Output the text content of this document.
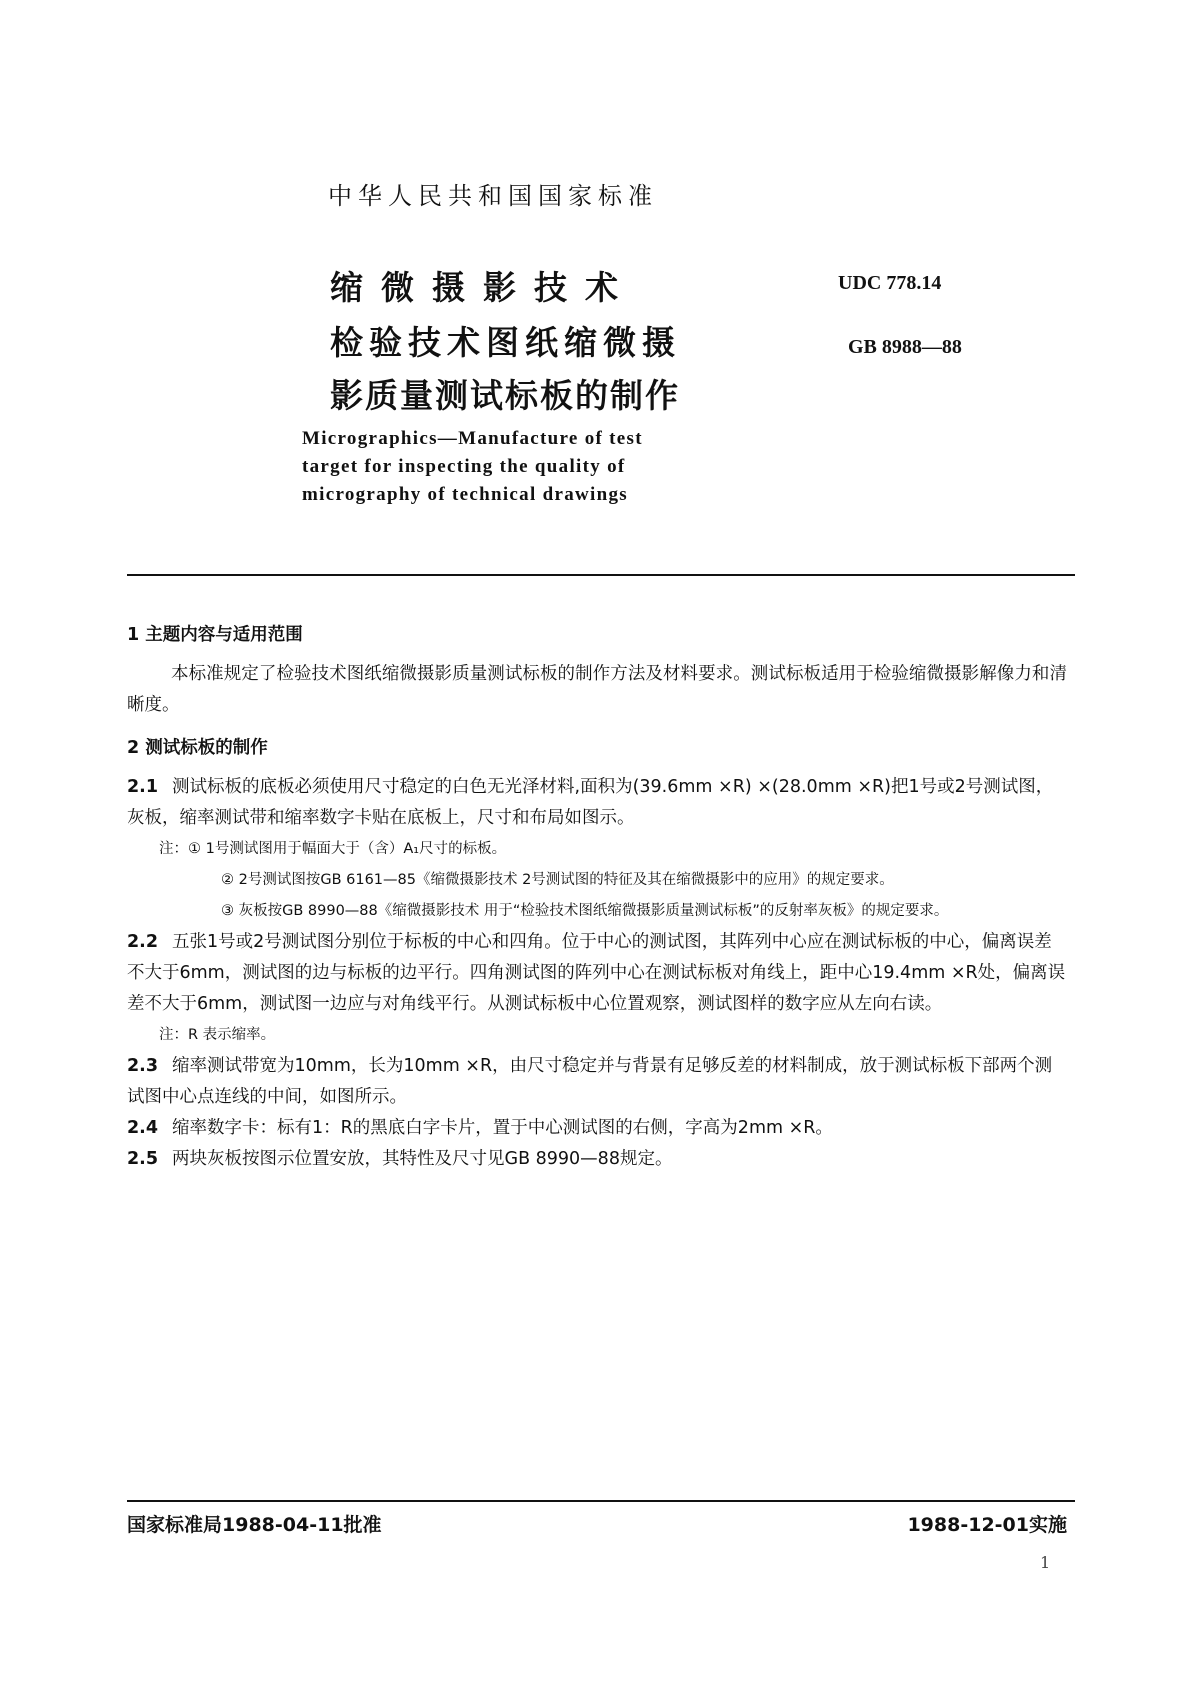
中华人民共和国国家标准
缩微摄影技术
检验技术图纸缩微摄
影质量测试标板的制作
Micrographics—Manufacture of test
target for inspecting the quality of
micrography of technical drawings
UDC 778.14
GB 8988—88
1 主题内容与适用范围
本标准规定了检验技术图纸缩微摄影质量测试标板的制作方法及材料要求。测试标板适用于检验缩微摄影解像力和清晰度。
2 测试标板的制作
2.1 测试标板的底板必须使用尺寸稳定的白色无光泽材料,面积为(39.6mm ×R) ×(28.0mm ×R)把1号或2号测试图，灰板，缩率测试带和缩率数字卡贴在底板上，尺寸和布局如图示。
注：① 1号测试图用于幅面大于（含）A₁尺寸的标板。
② 2号测试图按GB 6161—85《缩微摄影技术 2号测试图的特征及其在缩微摄影中的应用》的规定要求。
③ 灰板按GB 8990—88《缩微摄影技术 用于“检验技术图纸缩微摄影质量测试标板”的反射率灰板》的规定要求。
2.2 五张1号或2号测试图分别位于标板的中心和四角。位于中心的测试图，其阵列中心应在测试标板的中心，偏离误差不大于6mm，测试图的边与标板的边平行。四角测试图的阵列中心在测试标板对角线上，距中心19.4mm ×R处，偏离误差不大于6mm，测试图一边应与对角线平行。从测试标板中心位置观察，测试图样的数字应从左向右读。
注：R 表示缩率。
2.3 缩率测试带宽为10mm，长为10mm ×R，由尺寸稳定并与背景有足够反差的材料制成，放于测试标板下部两个测试图中心点连线的中间，如图所示。
2.4 缩率数字卡：标有1：R的黑底白字卡片，置于中心测试图的右侧，字高为2mm ×R。
2.5 两块灰板按图示位置安放，其特性及尺寸见GB 8990—88规定。
国家标准局1988-04-11批准	1988-12-01实施
1
